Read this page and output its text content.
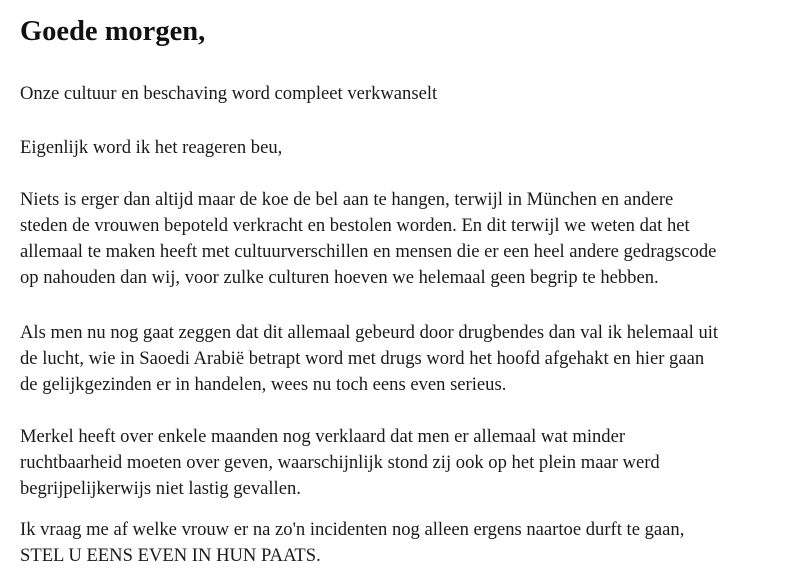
Goede morgen,

Onze cultuur en beschaving word compleet verkwanselt

Eigenlijk word ik het reageren beu,

Niets is erger dan altijd maar de koe de bel aan te hangen, terwijl in München en andere
steden de vrouwen bepoteld verkracht en bestolen worden. En dit terwijl we weten dat het
allemaal te maken heeft met cultuurverschillen en mensen die er een heel andere gedragscode
op nahouden dan wij, voor zulke culturen hoeven we helemaal geen begrip te hebben.

Als men nu nog gaat zeggen dat dit allemaal gebeurd door drugbendes dan val ik helemaal uit
de lucht, wie in Saoedi Arabië betrapt word met drugs word het hoofd afgehakt en hier gaan
de gelijkgezinden er in handelen, wees nu toch eens even serieus.

Merkel heeft over enkele maanden nog verklaard dat men er allemaal wat minder
ruchtbaarheid moeten over geven, waarschijnlijk stond zij ook op het plein maar werd
begrijpelijkerwijs niet lastig gevallen.

Ik vraag me af welke vrouw er na zo'n incidenten nog alleen ergens naartoe durft te gaan,
STEL U EENS EVEN IN HUN PAATS.
